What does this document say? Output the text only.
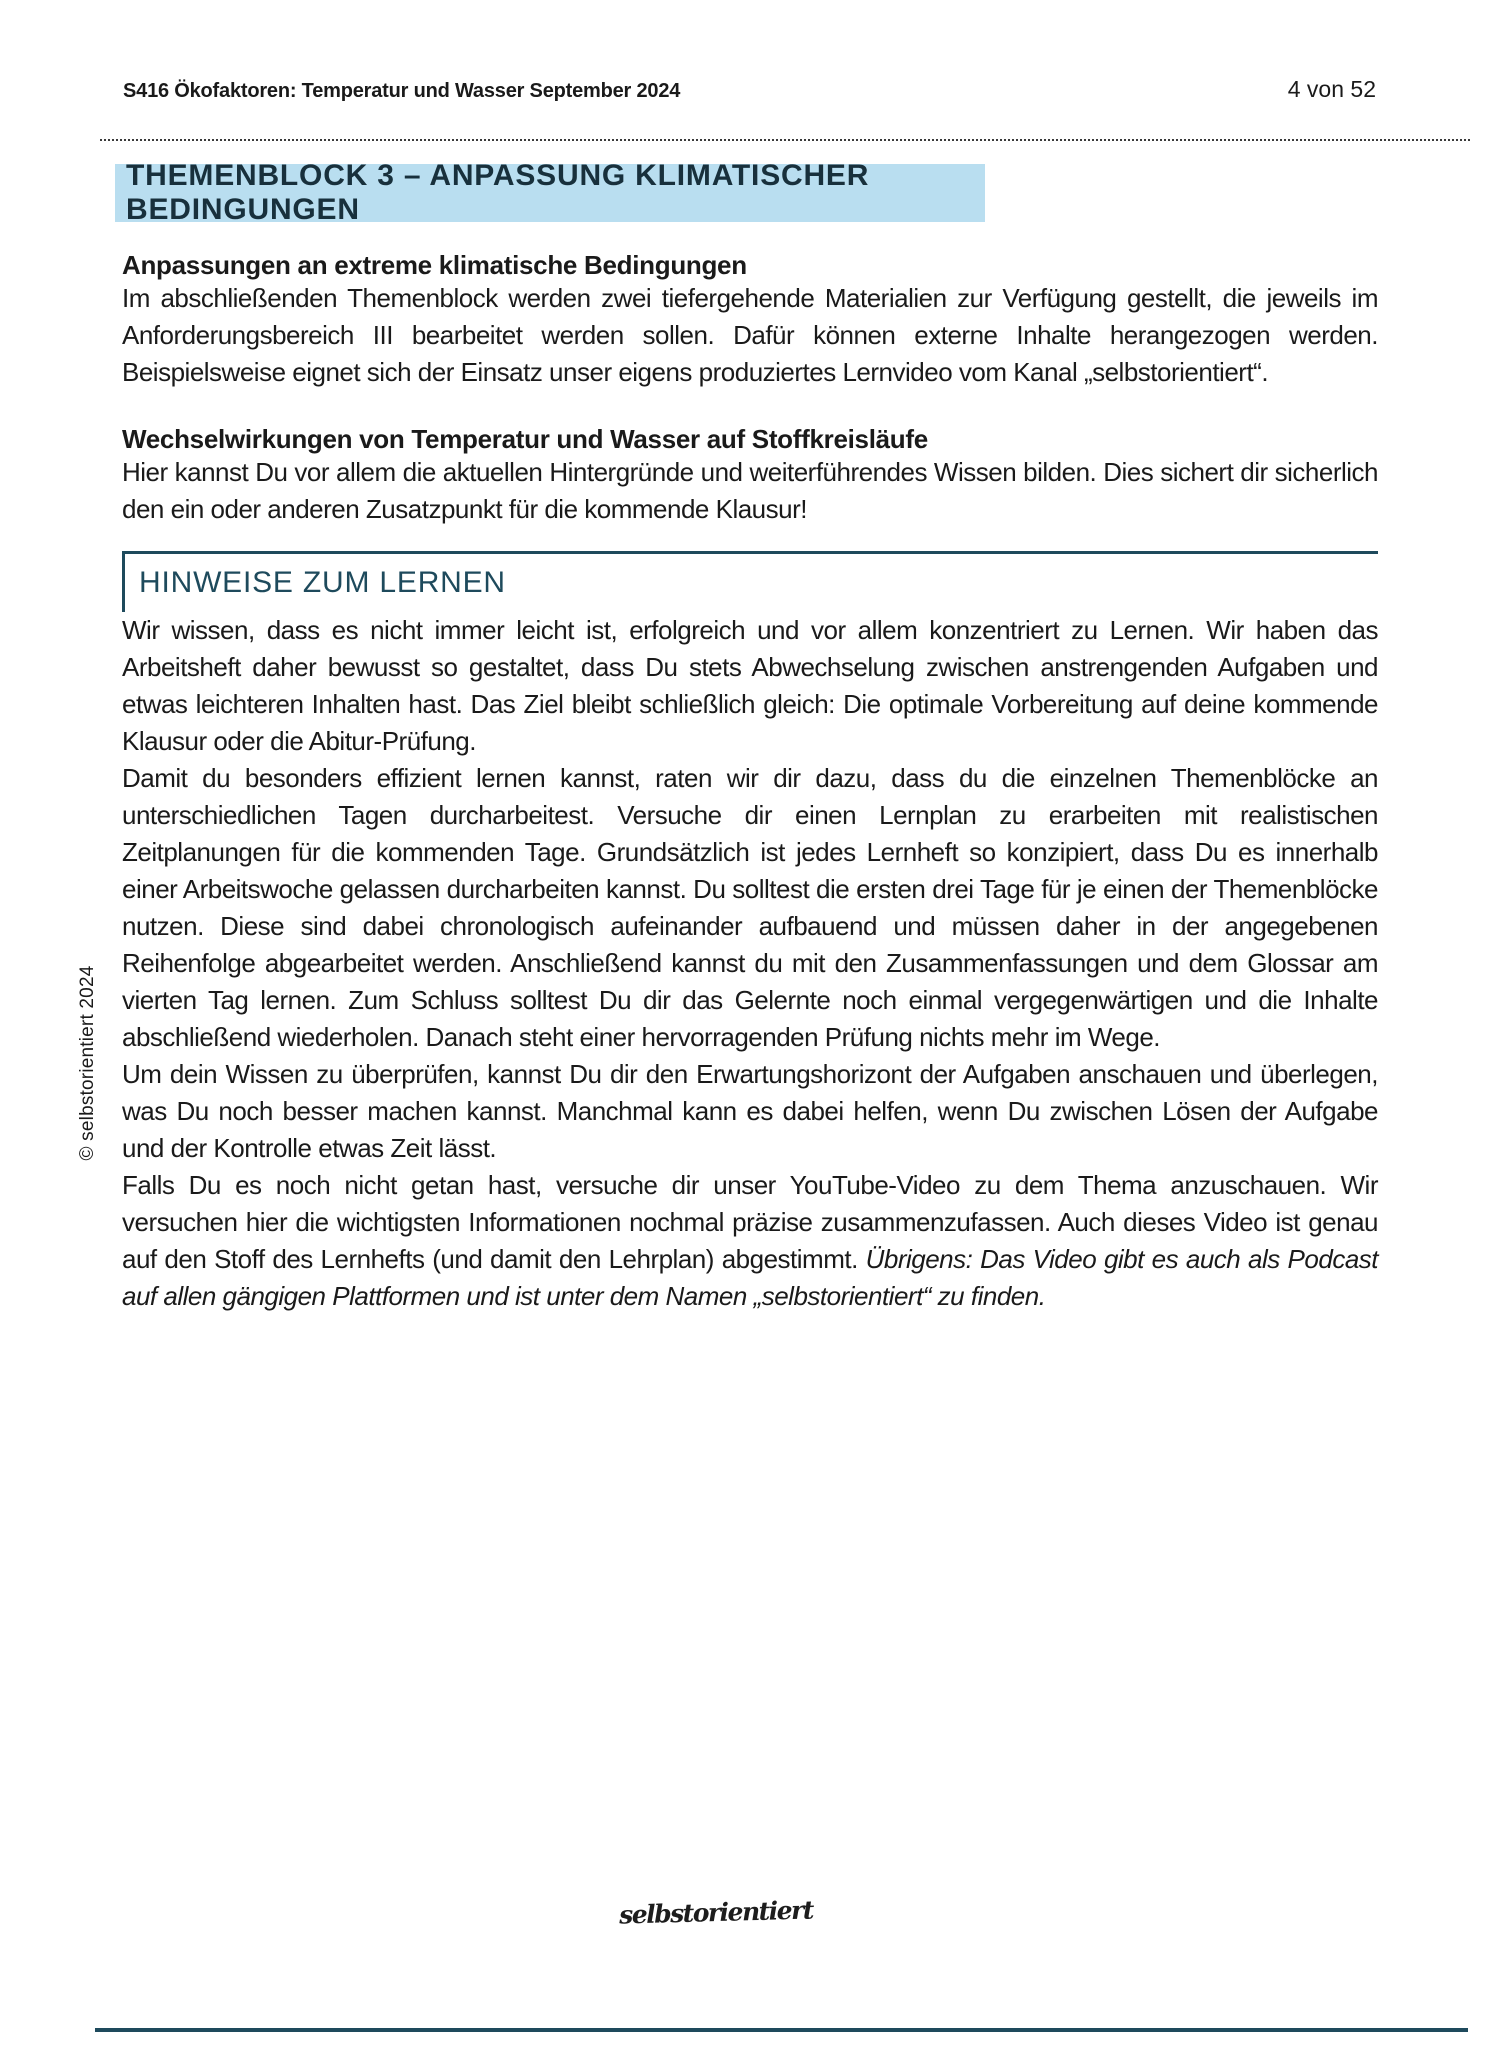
S416 Ökofaktoren: Temperatur und Wasser September 2024	4 von 52
THEMENBLOCK 3 – ANPASSUNG KLIMATISCHER BEDINGUNGEN
Anpassungen an extreme klimatische Bedingungen

Im abschließenden Themenblock werden zwei tiefergehende Materialien zur Verfügung gestellt, die jeweils im Anforderungsbereich III bearbeitet werden sollen. Dafür können externe Inhalte herangezogen werden. Beispielsweise eignet sich der Einsatz unser eigens produziertes Lernvideo vom Kanal „selbstorientiert“.

Wechselwirkungen von Temperatur und Wasser auf Stoffkreisläufe

Hier kannst Du vor allem die aktuellen Hintergründe und weiterführendes Wissen bilden. Dies sichert dir sicherlich den ein oder anderen Zusatzpunkt für die kommende Klausur!

HINWEISE ZUM LERNEN

Wir wissen, dass es nicht immer leicht ist, erfolgreich und vor allem konzentriert zu Lernen. Wir haben das Arbeitsheft daher bewusst so gestaltet, dass Du stets Abwechselung zwischen anstrengenden Aufgaben und etwas leichteren Inhalten hast. Das Ziel bleibt schließlich gleich: Die optimale Vorbereitung auf deine kommende Klausur oder die Abitur-Prüfung.

Damit du besonders effizient lernen kannst, raten wir dir dazu, dass du die einzelnen Themenblöcke an unterschiedlichen Tagen durcharbeitest. Versuche dir einen Lernplan zu erarbeiten mit realistischen Zeitplanungen für die kommenden Tage. Grundsätzlich ist jedes Lernheft so konzipiert, dass Du es innerhalb einer Arbeitswoche gelassen durcharbeiten kannst. Du solltest die ersten drei Tage für je einen der Themenblöcke nutzen. Diese sind dabei chronologisch aufeinander aufbauend und müssen daher in der angegebenen Reihenfolge abgearbeitet werden. Anschließend kannst du mit den Zusammenfassungen und dem Glossar am vierten Tag lernen. Zum Schluss solltest Du dir das Gelernte noch einmal vergegenwärtigen und die Inhalte abschließend wiederholen. Danach steht einer hervorragenden Prüfung nichts mehr im Wege.

Um dein Wissen zu überprüfen, kannst Du dir den Erwartungshorizont der Aufgaben anschauen und überlegen, was Du noch besser machen kannst. Manchmal kann es dabei helfen, wenn Du zwischen Lösen der Aufgabe und der Kontrolle etwas Zeit lässt.

Falls Du es noch nicht getan hast, versuche dir unser YouTube-Video zu dem Thema anzuschauen. Wir versuchen hier die wichtigsten Informationen nochmal präzise zusammenzufassen. Auch dieses Video ist genau auf den Stoff des Lernhefts (und damit den Lehrplan) abgestimmt. Übrigens: Das Video gibt es auch als Podcast auf allen gängigen Plattformen und ist unter dem Namen „selbstorientiert“ zu finden.

© selbstorientiert 2024
selbstorientiert
